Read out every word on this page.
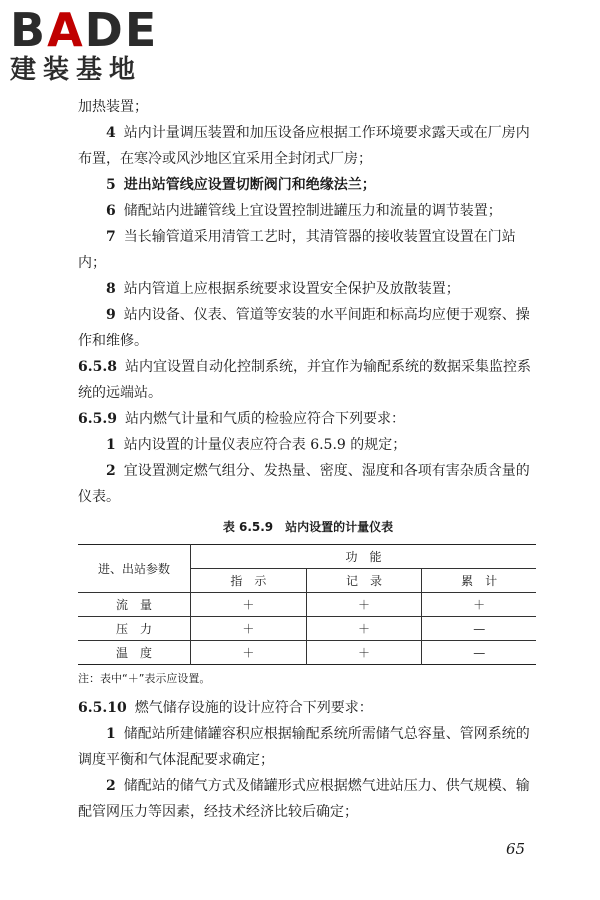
BADE
建装基地

加热装置；

4 站内计量调压装置和加压设备应根据工作环境要求露天或在厂房内布置，在寒冷或风沙地区宜采用全封闭式厂房；

5 进出站管线应设置切断阀门和绝缘法兰；

6 储配站内进罐管线上宜设置控制进罐压力和流量的调节装置；

7 当长输管道采用清管工艺时，其清管器的接收装置宜设置在门站内；

8 站内管道上应根据系统要求设置安全保护及放散装置；

9 站内设备、仪表、管道等安装的水平间距和标高均应便于观察、操作和维修。

6.5.8 站内宜设置自动化控制系统，并宜作为输配系统的数据采集监控系统的远端站。

6.5.9 站内燃气计量和气质的检验应符合下列要求：

1 站内设置的计量仪表应符合表 6.5.9 的规定；

2 宜设置测定燃气组分、发热量、密度、湿度和各项有害杂质含量的仪表。

表 6.5.9　站内设置的计量仪表
进、出站参数	功　能		
	指　示	记　录	累　计
流　量	＋	＋	＋
压　力	＋	＋	—
温　度	＋	＋	—
注：表中“＋”表示应设置。

6.5.10 燃气储存设施的设计应符合下列要求：

1 储配站所建储罐容积应根据输配系统所需储气总容量、管网系统的调度平衡和气体混配要求确定；

2 储配站的储气方式及储罐形式应根据燃气进站压力、供气规模、输配管网压力等因素，经技术经济比较后确定；

65
